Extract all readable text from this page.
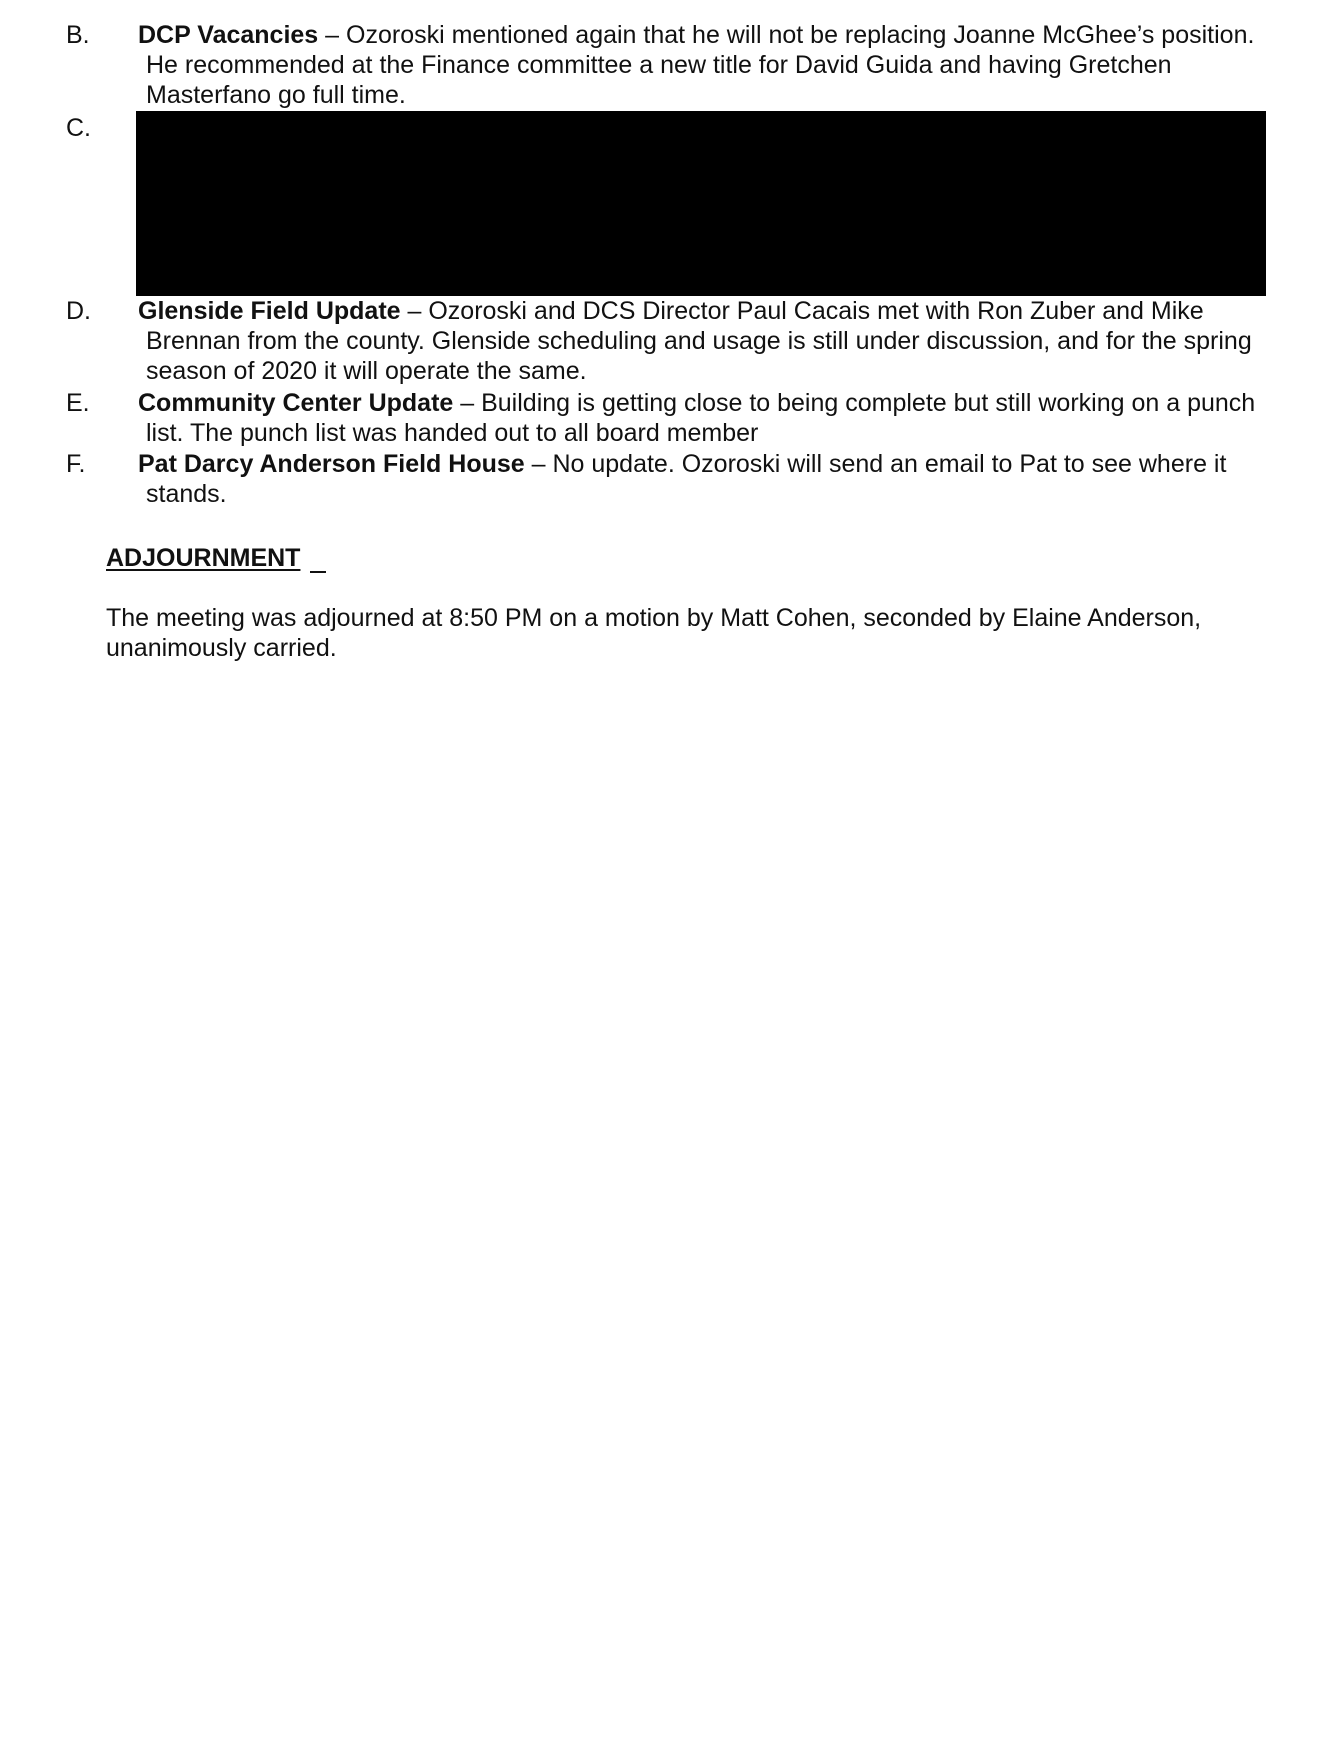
B. DCP Vacancies – Ozoroski mentioned again that he will not be replacing Joanne McGhee’s position. He recommended at the Finance committee a new title for David Guida and having Gretchen Masterfano go full time.
C.
D. Glenside Field Update – Ozoroski and DCS Director Paul Cacais met with Ron Zuber and Mike Brennan from the county. Glenside scheduling and usage is still under discussion, and for the spring season of 2020 it will operate the same.
E. Community Center Update – Building is getting close to being complete but still working on a punch list. The punch list was handed out to all board member
F. Pat Darcy Anderson Field House – No update. Ozoroski will send an email to Pat to see where it stands.
ADJOURNMENT
The meeting was adjourned at 8:50 PM on a motion by Matt Cohen, seconded by Elaine Anderson, unanimously carried.
